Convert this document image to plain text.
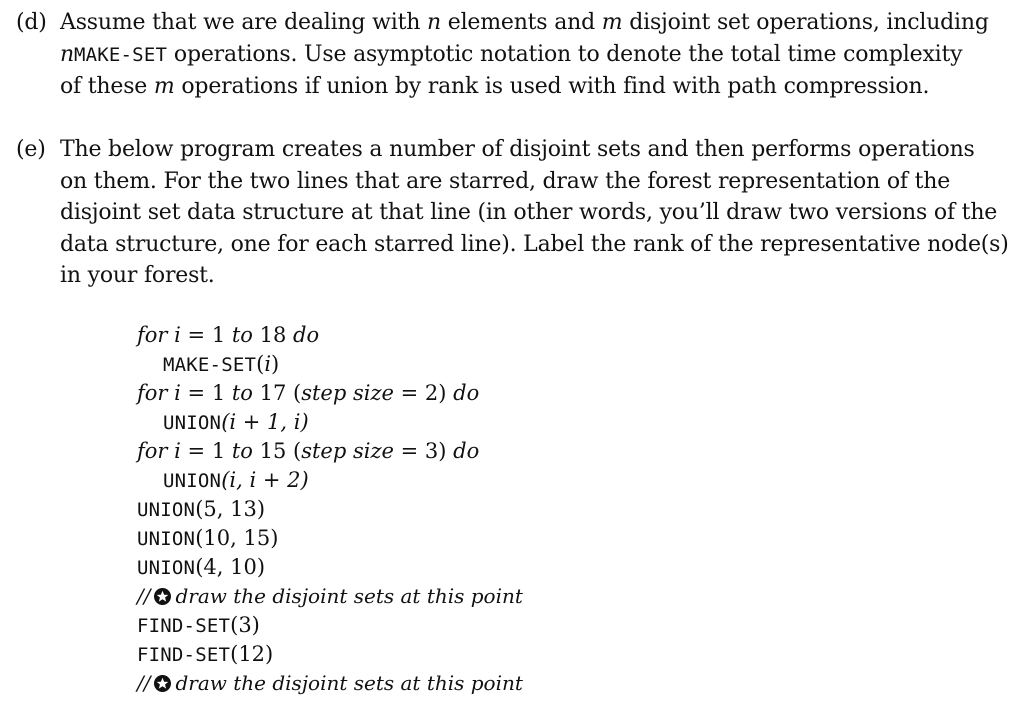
(d) Assume that we are dealing with n elements and m disjoint set operations, including
nMAKE-SET operations. Use asymptotic notation to denote the total time complexity
of these m operations if union by rank is used with find with path compression.
(e) The below program creates a number of disjoint sets and then performs operations
on them. For the two lines that are starred, draw the forest representation of the
disjoint set data structure at that line (in other words, you’ll draw two versions of the
data structure, one for each starred line). Label the rank of the representative node(s)
in your forest.
for i = 1 to 18 do
MAKE-SET(i)
for i = 1 to 17 (step size = 2) do
UNION(i + 1, i)
for i = 1 to 15 (step size = 3) do
UNION(i, i + 2)
UNION(5, 13)
UNION(10, 15)
UNION(4, 10)
// draw the disjoint sets at this point
FIND-SET(3)
FIND-SET(12)
// draw the disjoint sets at this point
